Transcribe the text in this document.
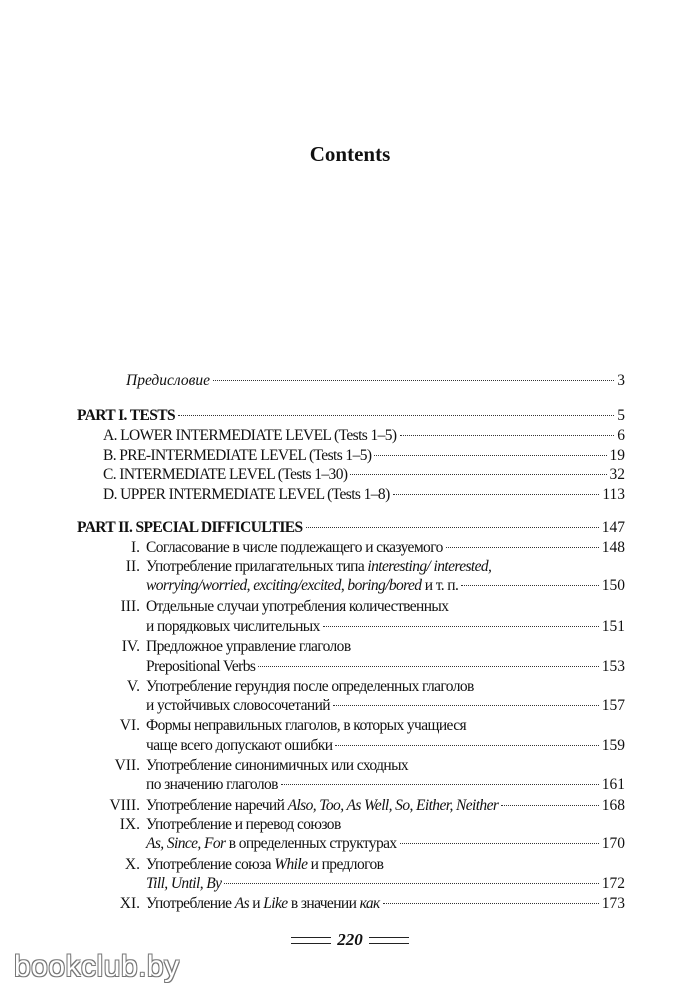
Contents
Предисловие	3
PART I. TESTS	5
A. LOWER INTERMEDIATE LEVEL (Tests 1–5)	6
B. PRE-INTERMEDIATE LEVEL (Tests 1–5)	19
C. INTERMEDIATE LEVEL (Tests 1–30)	32
D. UPPER INTERMEDIATE LEVEL (Tests 1–8)	113
PART II. SPECIAL DIFFICULTIES	147
I. Согласование в числе подлежащего и сказуемого	148
II. Употребление прилагательных типа interesting/ interested,
worrying/worried, exciting/excited, boring/bored и т. п.	150
III. Отдельные случаи употребления количественных
и порядковых числительных	151
IV. Предложное управление глаголов
Prepositional Verbs	153
V. Употребление герундия после определенных глаголов
и устойчивых словосочетаний	157
VI. Формы неправильных глаголов, в которых учащиеся
чаще всего допускают ошибки	159
VII. Употребление синонимичных или сходных
по значению глаголов	161
VIII. Употребление наречий Also, Too, As Well, So, Either, Neither	168
IX. Употребление и перевод союзов
As, Since, For в определенных структурах	170
X. Употребление союза While и предлогов
Till, Until, By	172
XI. Употребление As и Like в значении как	173
220
bookclub.by
